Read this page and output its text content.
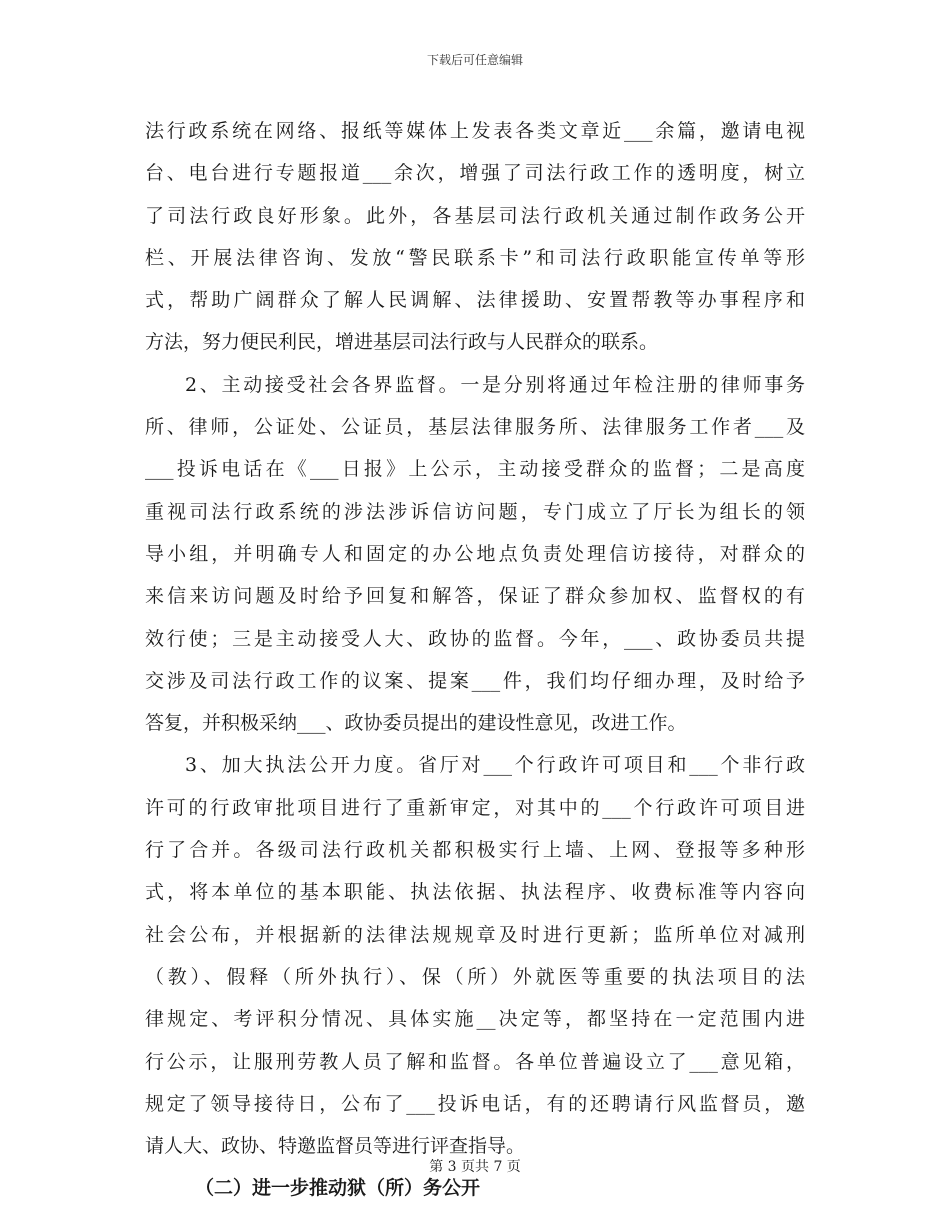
下载后可任意编辑
法行政系统在网络、报纸等媒体上发表各类文章近___余篇，邀请电视
台、电台进行专题报道___余次，增强了司法行政工作的透明度，树立
了司法行政良好形象。此外，各基层司法行政机关通过制作政务公开
栏、开展法律咨询、发放“警民联系卡”和司法行政职能宣传单等形
式，帮助广阔群众了解人民调解、法律援助、安置帮教等办事程序和
方法，努力便民利民，增进基层司法行政与人民群众的联系。
2、主动接受社会各界监督。一是分别将通过年检注册的律师事务
所、律师，公证处、公证员，基层法律服务所、法律服务工作者___及
___投诉电话在《___日报》上公示，主动接受群众的监督；二是高度
重视司法行政系统的涉法涉诉信访问题，专门成立了厅长为组长的领
导小组，并明确专人和固定的办公地点负责处理信访接待，对群众的
来信来访问题及时给予回复和解答，保证了群众参加权、监督权的有
效行使；三是主动接受人大、政协的监督。今年，___、政协委员共提
交涉及司法行政工作的议案、提案___件，我们均仔细办理，及时给予
答复，并积极采纳___、政协委员提出的建设性意见，改进工作。
3、加大执法公开力度。省厅对___个行政许可项目和___个非行政
许可的行政审批项目进行了重新审定，对其中的___个行政许可项目进
行了合并。各级司法行政机关都积极实行上墙、上网、登报等多种形
式，将本单位的基本职能、执法依据、执法程序、收费标准等内容向
社会公布，并根据新的法律法规规章及时进行更新；监所单位对减刑
（教）、假释（所外执行）、保（所）外就医等重要的执法项目的法
律规定、考评积分情况、具体实施__决定等，都坚持在一定范围内进
行公示，让服刑劳教人员了解和监督。各单位普遍设立了___意见箱，
规定了领导接待日，公布了___投诉电话，有的还聘请行风监督员，邀
请人大、政协、特邀监督员等进行评查指导。
（二）进一步推动狱（所）务公开
第 3 页共 7 页
